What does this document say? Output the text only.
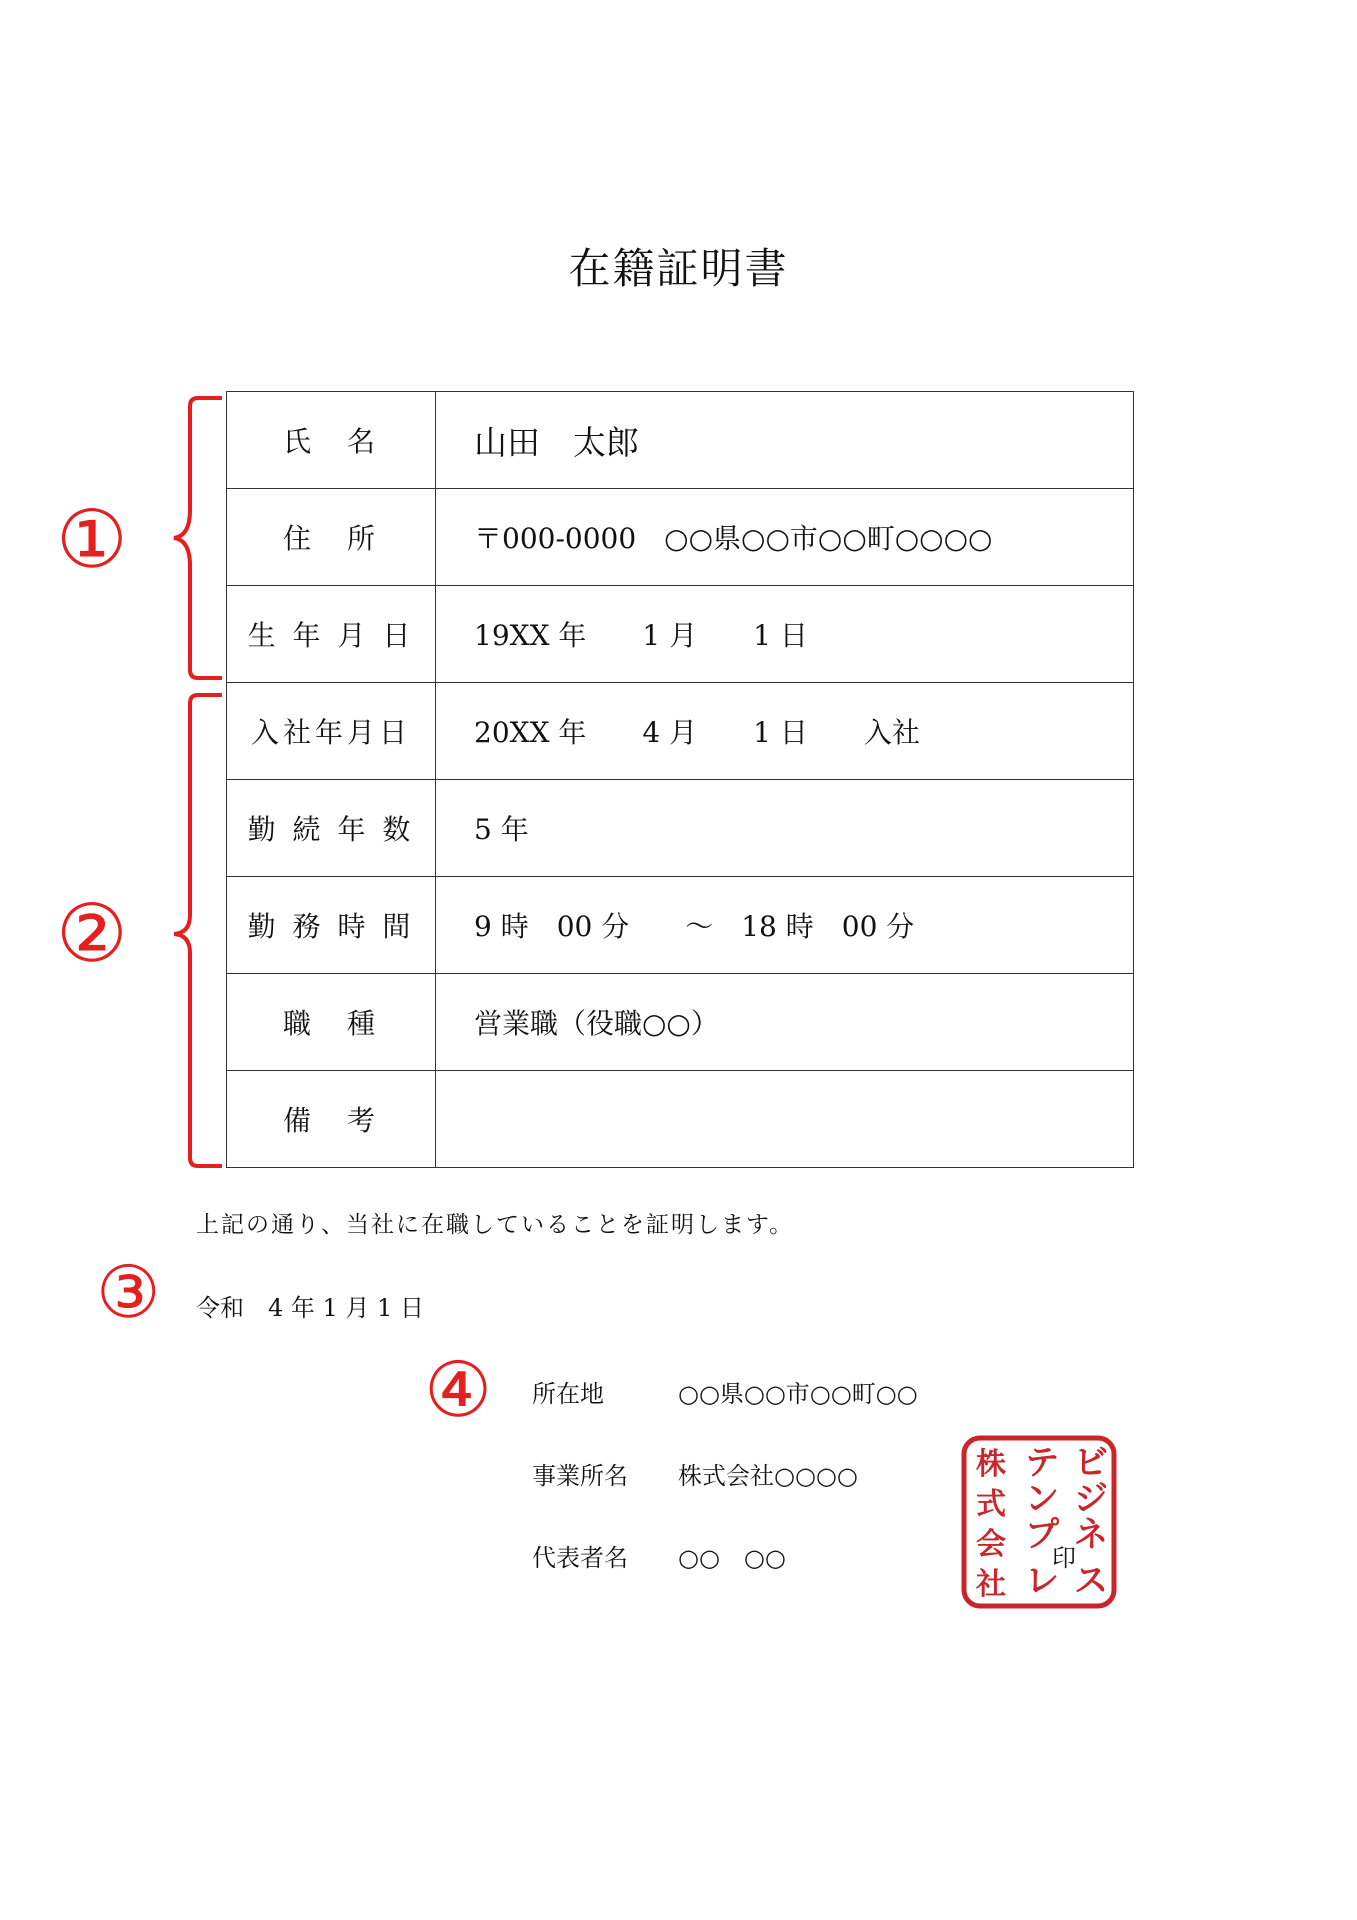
在籍証明書
①
②
氏　名	山田　太郎
住　所	〒000-0000　○○県○○市○○町○○○○
生 年 月 日	19XX 年　　1 月　　1 日
入社年月日	20XX 年　　4 月　　1 日　　入社
勤 続 年 数	5 年
勤 務 時 間	9 時　00 分　　～　18 時　00 分
職　種	営業職（役職○○）
備　考	
上記の通り、当社に在職していることを証明します。
③ 令和　4 年 1 月 1 日
④ 所在地	○○県○○市○○町○○
事業所名 株式会社○○○○
代表者名 ○○　○○	印
ビ
ジ
ネ
ス
テ
ン
プ
レ
株
式
会
社
